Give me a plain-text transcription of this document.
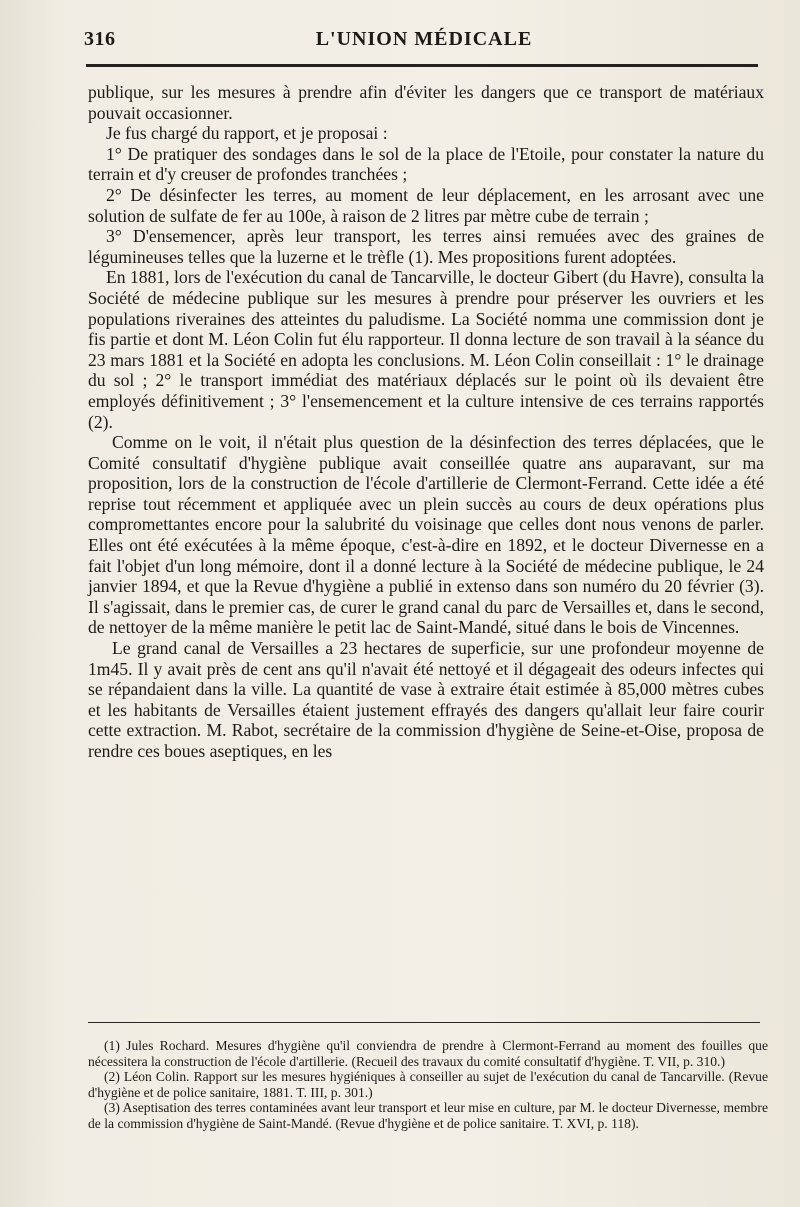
316	L'UNION MÉDICALE

publique, sur les mesures à prendre afin d'éviter les dangers que ce transport de matériaux pouvait occasionner.

Je fus chargé du rapport, et je proposai :

1° De pratiquer des sondages dans le sol de la place de l'Etoile, pour constater la nature du terrain et d'y creuser de profondes tranchées ;

2° De désinfecter les terres, au moment de leur déplacement, en les arrosant avec une solution de sulfate de fer au 100e, à raison de 2 litres par mètre cube de terrain ;

3° D'ensemencer, après leur transport, les terres ainsi remuées avec des graines de légumineuses telles que la luzerne et le trèfle (1). Mes propositions furent adoptées.

En 1881, lors de l'exécution du canal de Tancarville, le docteur Gibert (du Havre), consulta la Société de médecine publique sur les mesures à prendre pour préserver les ouvriers et les populations riveraines des atteintes du paludisme. La Société nomma une commission dont je fis partie et dont M. Léon Colin fut élu rapporteur. Il donna lecture de son travail à la séance du 23 mars 1881 et la Société en adopta les conclusions. M. Léon Colin conseillait : 1° le drainage du sol ; 2° le transport immédiat des matériaux déplacés sur le point où ils devaient être employés définitivement ; 3° l'ensemencement et la culture intensive de ces terrains rapportés (2).

Comme on le voit, il n'était plus question de la désinfection des terres déplacées, que le Comité consultatif d'hygiène publique avait conseillée quatre ans auparavant, sur ma proposition, lors de la construction de l'école d'artillerie de Clermont-Ferrand. Cette idée a été reprise tout récemment et appliquée avec un plein succès au cours de deux opérations plus compromettantes encore pour la salubrité du voisinage que celles dont nous venons de parler. Elles ont été exécutées à la même époque, c'est-à-dire en 1892, et le docteur Divernesse en a fait l'objet d'un long mémoire, dont il a donné lecture à la Société de médecine publique, le 24 janvier 1894, et que la Revue d'hygiène a publié in extenso dans son numéro du 20 février (3). Il s'agissait, dans le premier cas, de curer le grand canal du parc de Versailles et, dans le second, de nettoyer de la même manière le petit lac de Saint-Mandé, situé dans le bois de Vincennes.

Le grand canal de Versailles a 23 hectares de superficie, sur une profondeur moyenne de 1m45. Il y avait près de cent ans qu'il n'avait été nettoyé et il dégageait des odeurs infectes qui se répandaient dans la ville. La quantité de vase à extraire était estimée à 85,000 mètres cubes et les habitants de Versailles étaient justement effrayés des dangers qu'allait leur faire courir cette extraction. M. Rabot, secrétaire de la commission d'hygiène de Seine-et-Oise, proposa de rendre ces boues aseptiques, en les

(1) Jules Rochard. Mesures d'hygiène qu'il conviendra de prendre à Clermont-Ferrand au moment des fouilles que nécessitera la construction de l'école d'artillerie. (Recueil des travaux du comité consultatif d'hygiène. T. VII, p. 310.)

(2) Léon Colin. Rapport sur les mesures hygiéniques à conseiller au sujet de l'exécution du canal de Tancarville. (Revue d'hygiène et de police sanitaire, 1881. T. III, p. 301.)

(3) Aseptisation des terres contaminées avant leur transport et leur mise en culture, par M. le docteur Divernesse, membre de la commission d'hygiène de Saint-Mandé. (Revue d'hygiène et de police sanitaire. T. XVI, p. 118).
